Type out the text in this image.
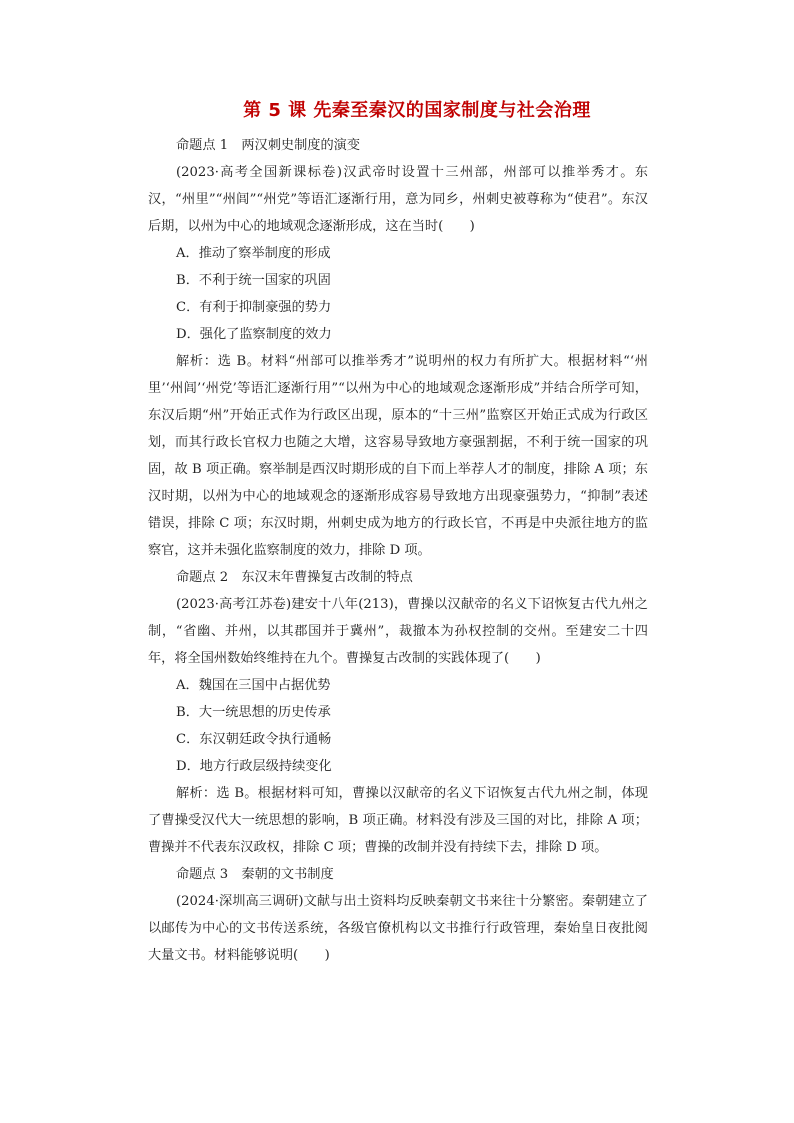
第 5 课 先秦至秦汉的国家制度与社会治理

命题点 1　两汉刺史制度的演变

(2023·高考全国新课标卷)汉武帝时设置十三州部，州部可以推举秀才。东汉，“州里”“州闾”“州党”等语汇逐渐行用，意为同乡，州刺史被尊称为“使君”。东汉后期，以州为中心的地域观念逐渐形成，这在当时(　　)

A．推动了察举制度的形成

B．不利于统一国家的巩固

C．有利于抑制豪强的势力

D．强化了监察制度的效力

解析：选 B。材料“州部可以推举秀才”说明州的权力有所扩大。根据材料“‘州里’‘州闾’‘州党’等语汇逐渐行用”“以州为中心的地域观念逐渐形成”并结合所学可知，东汉后期“州”开始正式作为行政区出现，原本的“十三州”监察区开始正式成为行政区划，而其行政长官权力也随之大增，这容易导致地方豪强割据，不利于统一国家的巩固，故 B 项正确。察举制是西汉时期形成的自下而上举荐人才的制度，排除 A 项；东汉时期，以州为中心的地域观念的逐渐形成容易导致地方出现豪强势力，“抑制”表述错误，排除 C 项；东汉时期，州刺史成为地方的行政长官，不再是中央派往地方的监察官，这并未强化监察制度的效力，排除 D 项。

命题点 2　东汉末年曹操复古改制的特点

(2023·高考江苏卷)建安十八年(213)，曹操以汉献帝的名义下诏恢复古代九州之制，“省幽、并州，以其郡国并于冀州”，裁撤本为孙权控制的交州。至建安二十四年，将全国州数始终维持在九个。曹操复古改制的实践体现了(　　)

A．魏国在三国中占据优势

B．大一统思想的历史传承

C．东汉朝廷政令执行通畅

D．地方行政层级持续变化

解析：选 B。根据材料可知，曹操以汉献帝的名义下诏恢复古代九州之制，体现了曹操受汉代大一统思想的影响，B 项正确。材料没有涉及三国的对比，排除 A 项；曹操并不代表东汉政权，排除 C 项；曹操的改制并没有持续下去，排除 D 项。

命题点 3　秦朝的文书制度

(2024·深圳高三调研)文献与出土资料均反映秦朝文书来往十分繁密。秦朝建立了以邮传为中心的文书传送系统，各级官僚机构以文书推行行政管理，秦始皇日夜批阅大量文书。材料能够说明(　　)
